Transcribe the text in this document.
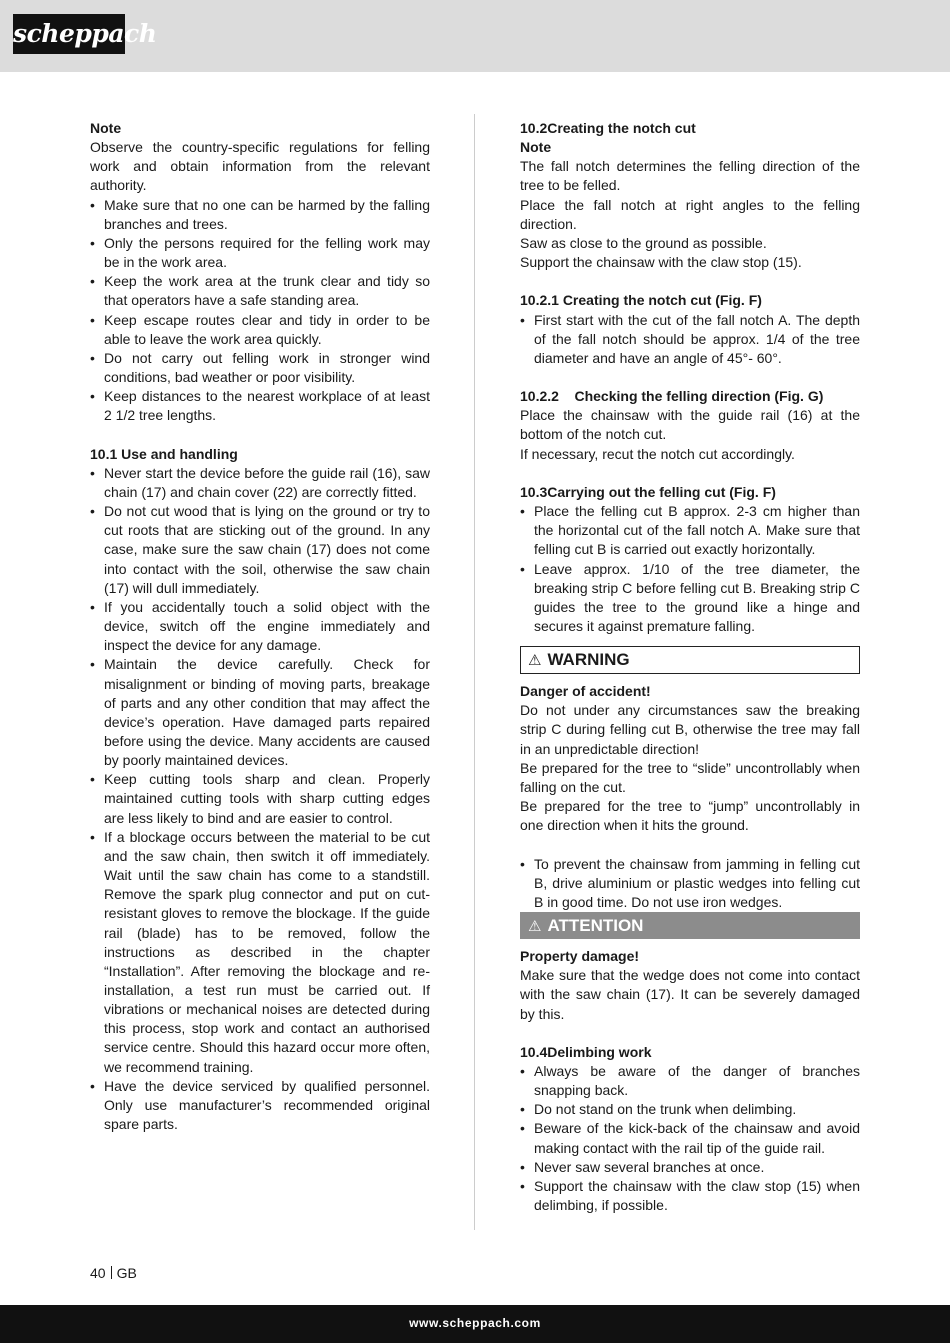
scheppach

Note

Observe the country-specific regulations for felling work and obtain information from the relevant authority.

• Make sure that no one can be harmed by the falling branches and trees.
• Only the persons required for the felling work may be in the work area.
• Keep the work area at the trunk clear and tidy so that operators have a safe standing area.
• Keep escape routes clear and tidy in order to be able to leave the work area quickly.
• Do not carry out felling work in stronger wind conditions, bad weather or poor visibility.
• Keep distances to the nearest workplace of at least 2 1/2 tree lengths.

10.1 Use and handling

• Never start the device before the guide rail (16), saw chain (17) and chain cover (22) are correctly fitted.
• Do not cut wood that is lying on the ground or try to cut roots that are sticking out of the ground. In any case, make sure the saw chain (17) does not come into contact with the soil, otherwise the saw chain (17) will dull immediately.
• If you accidentally touch a solid object with the device, switch off the engine immediately and inspect the device for any damage.
• Maintain the device carefully. Check for misalignment or binding of moving parts, breakage of parts and any other condition that may affect the device’s operation. Have damaged parts repaired before using the device. Many accidents are caused by poorly maintained devices.
• Keep cutting tools sharp and clean. Properly maintained cutting tools with sharp cutting edges are less likely to bind and are easier to control.
• If a blockage occurs between the material to be cut and the saw chain, then switch it off immediately. Wait until the saw chain has come to a standstill. Remove the spark plug connector and put on cut-resistant gloves to remove the blockage. If the guide rail (blade) has to be removed, follow the instructions as described in the chapter “Installation”. After removing the blockage and re-installation, a test run must be carried out. If vibrations or mechanical noises are detected during this process, stop work and contact an authorised service centre. Should this hazard occur more often, we recommend training.
• Have the device serviced by qualified personnel. Only use manufacturer’s recommended original spare parts.

10.2Creating the notch cut

Note

The fall notch determines the felling direction of the tree to be felled.

Place the fall notch at right angles to the felling direction.

Saw as close to the ground as possible.

Support the chainsaw with the claw stop (15).

10.2.1 Creating the notch cut (Fig. F)

• First start with the cut of the fall notch A. The depth of the fall notch should be approx. 1/4 of the tree diameter and have an angle of 45°- 60°.

10.2.2    Checking the felling direction (Fig. G)

Place the chainsaw with the guide rail (16) at the bottom of the notch cut.

If necessary, recut the notch cut accordingly.

10.3Carrying out the felling cut (Fig. F)

• Place the felling cut B approx. 2-3 cm higher than the horizontal cut of the fall notch A. Make sure that felling cut B is carried out exactly horizontally.
• Leave approx. 1/10 of the tree diameter, the breaking strip C before felling cut B. Breaking strip C guides the tree to the ground like a hinge and secures it against premature falling.
⚠ WARNING

Danger of accident!

Do not under any circumstances saw the breaking strip C during felling cut B, otherwise the tree may fall in an unpredictable direction!

Be prepared for the tree to “slide” uncontrollably when falling on the cut.

Be prepared for the tree to “jump” uncontrollably in one direction when it hits the ground.

• To prevent the chainsaw from jamming in felling cut B, drive aluminium or plastic wedges into felling cut B in good time. Do not use iron wedges.
⚠ ATTENTION

Property damage!

Make sure that the wedge does not come into contact with the saw chain (17). It can be severely damaged by this.

10.4Delimbing work

• Always be aware of the danger of branches snapping back.
• Do not stand on the trunk when delimbing.
• Beware of the kick-back of the chainsaw and avoid making contact with the rail tip of the guide rail.
• Never saw several branches at once.
• Support the chainsaw with the claw stop (15) when delimbing, if possible.
40 GB
www.scheppach.com
